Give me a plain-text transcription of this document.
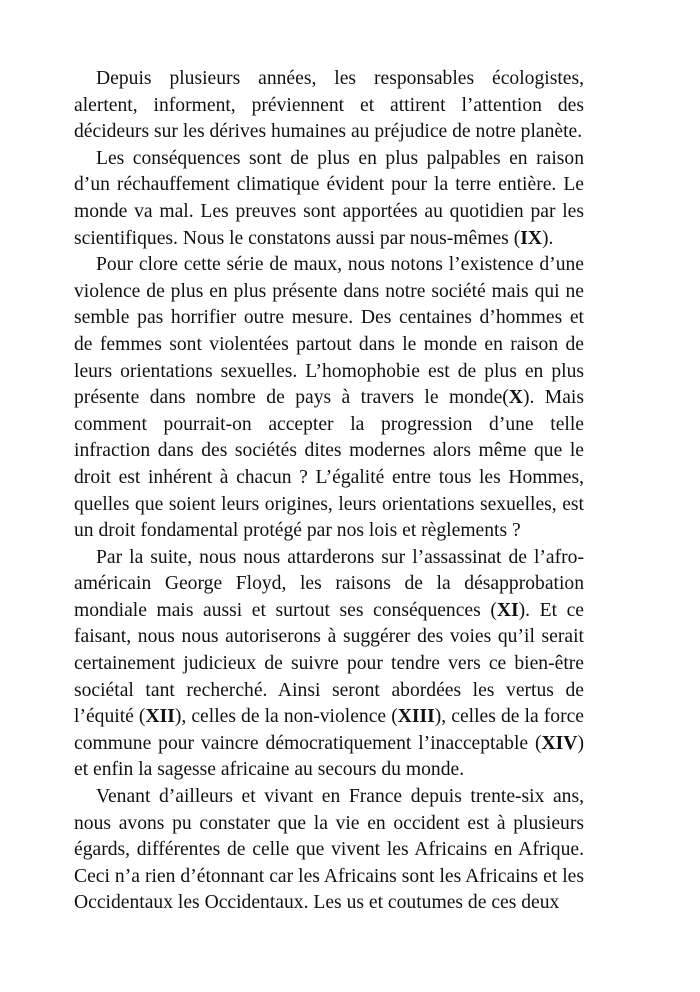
Depuis plusieurs années, les responsables écologistes, alertent, informent, préviennent et attirent l’attention des décideurs sur les dérives humaines au préjudice de notre planète.

Les conséquences sont de plus en plus palpables en raison d’un réchauffement climatique évident pour la terre entière. Le monde va mal. Les preuves sont apportées au quotidien par les scientifiques. Nous le constatons aussi par nous-mêmes (IX).

Pour clore cette série de maux, nous notons l’existence d’une violence de plus en plus présente dans notre société mais qui ne semble pas horrifier outre mesure. Des centaines d’hommes et de femmes sont violentées partout dans le monde en raison de leurs orientations sexuelles. L’homophobie est de plus en plus présente dans nombre de pays à travers le monde(X). Mais comment pourrait-on accepter la progression d’une telle infraction dans des sociétés dites modernes alors même que le droit est inhérent à chacun ? L’égalité entre tous les Hommes, quelles que soient leurs origines, leurs orientations sexuelles, est un droit fondamental protégé par nos lois et règlements ?

Par la suite, nous nous attarderons sur l’assassinat de l’afro-américain George Floyd, les raisons de la désapprobation mondiale mais aussi et surtout ses conséquences (XI). Et ce faisant, nous nous autoriserons à suggérer des voies qu’il serait certainement judicieux de suivre pour tendre vers ce bien-être sociétal tant recherché. Ainsi seront abordées les vertus de l’équité (XII), celles de la non-violence (XIII), celles de la force commune pour vaincre démocratiquement l’inacceptable (XIV) et enfin la sagesse africaine au secours du monde.

Venant d’ailleurs et vivant en France depuis trente-six ans, nous avons pu constater que la vie en occident est à plusieurs égards, différentes de celle que vivent les Africains en Afrique. Ceci n’a rien d’étonnant car les Africains sont les Africains et les Occidentaux les Occidentaux. Les us et coutumes de ces deux
